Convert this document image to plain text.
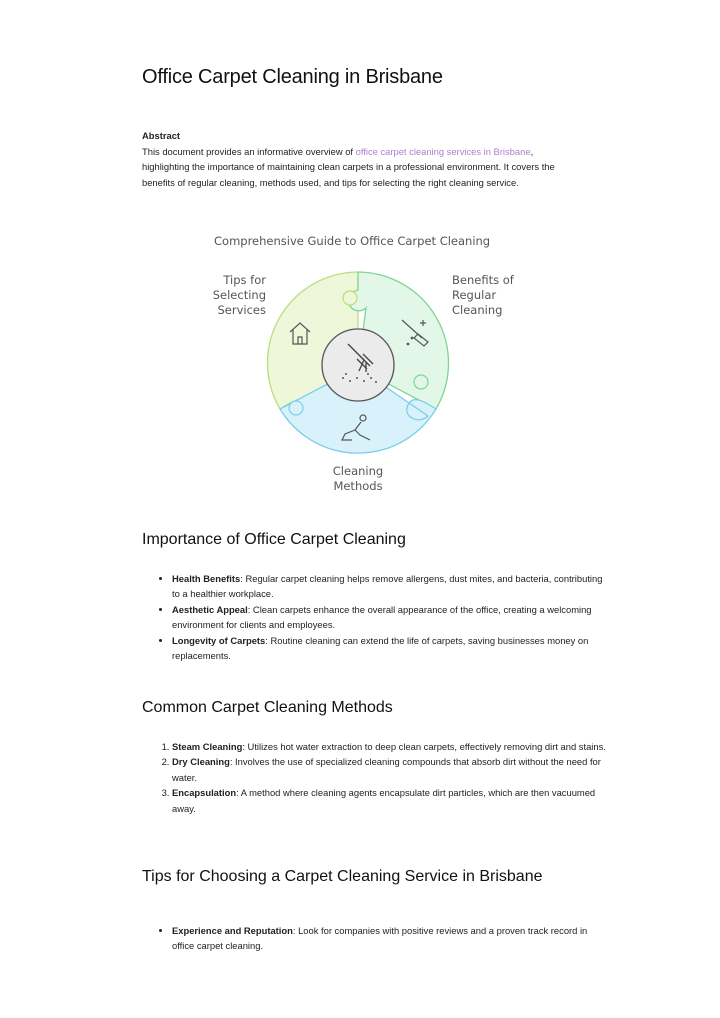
Office Carpet Cleaning in Brisbane
Abstract
This document provides an informative overview of office carpet cleaning services in Brisbane, highlighting the importance of maintaining clean carpets in a professional environment. It covers the benefits of regular cleaning, methods used, and tips for selecting the right cleaning service.
Comprehensive Guide to Office Carpet Cleaning
Tips for
Selecting
Services
Benefits of
Regular
Cleaning
Cleaning
Methods
Importance of Office Carpet Cleaning
• Health Benefits: Regular carpet cleaning helps remove allergens, dust mites, and bacteria, contributing to a healthier workplace.
• Aesthetic Appeal: Clean carpets enhance the overall appearance of the office, creating a welcoming environment for clients and employees.
• Longevity of Carpets: Routine cleaning can extend the life of carpets, saving businesses money on replacements.
Common Carpet Cleaning Methods
1. Steam Cleaning: Utilizes hot water extraction to deep clean carpets, effectively removing dirt and stains.
2. Dry Cleaning: Involves the use of specialized cleaning compounds that absorb dirt without the need for water.
3. Encapsulation: A method where cleaning agents encapsulate dirt particles, which are then vacuumed away.
Tips for Choosing a Carpet Cleaning Service in Brisbane
• Experience and Reputation: Look for companies with positive reviews and a proven track record in office carpet cleaning.
